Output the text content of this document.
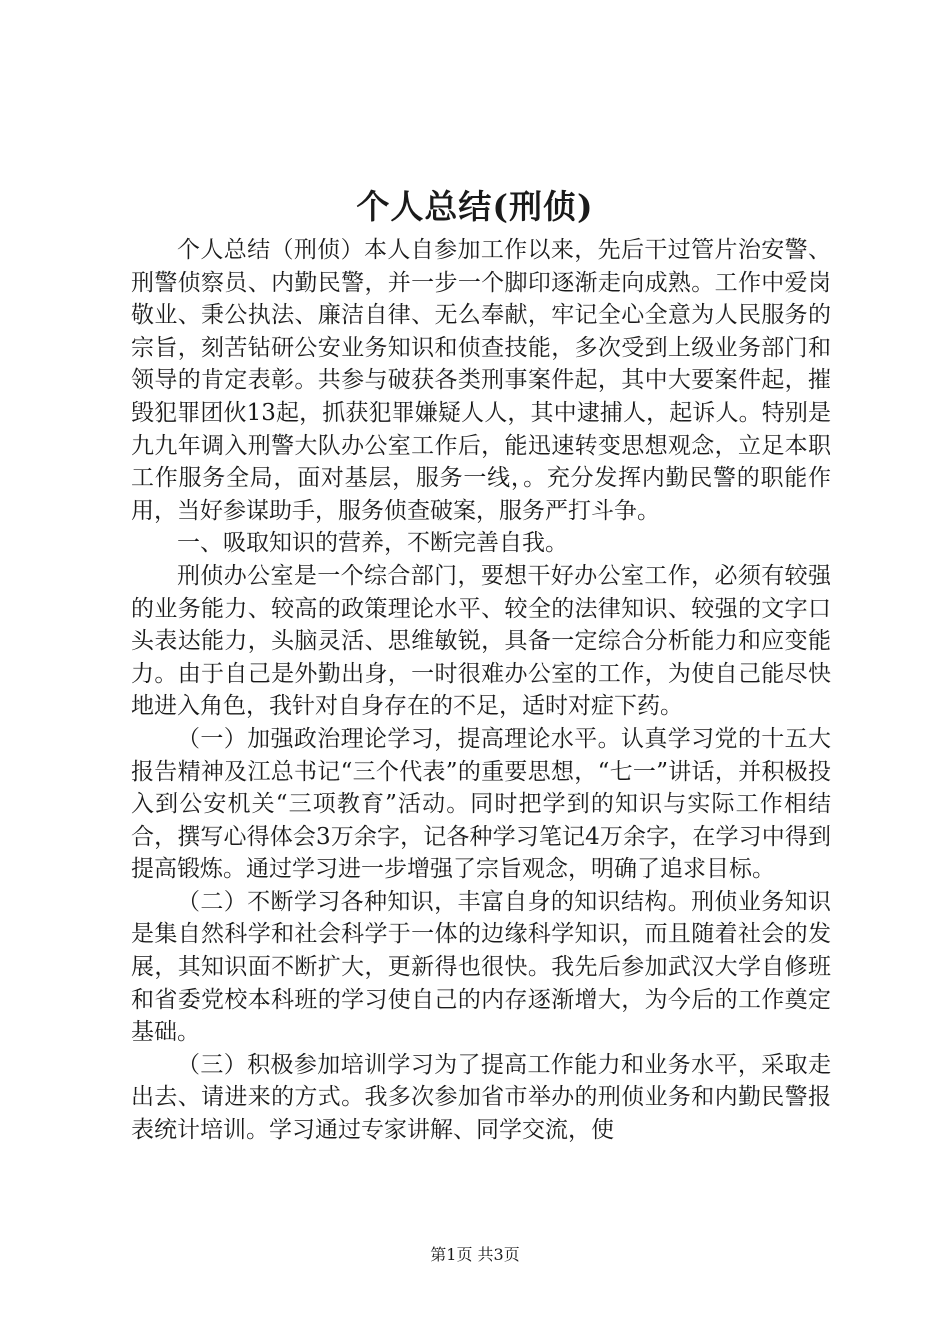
个人总结(刑侦)

个人总结（刑侦）本人自参加工作以来，先后干过管片治安警、刑警侦察员、内勤民警，并一步一个脚印逐渐走向成熟。工作中爱岗敬业、秉公执法、廉洁自律、无么奉献，牢记全心全意为人民服务的宗旨，刻苦钻研公安业务知识和侦查技能，多次受到上级业务部门和领导的肯定表彰。共参与破获各类刑事案件起，其中大要案件起，摧毁犯罪团伙13起，抓获犯罪嫌疑人人，其中逮捕人，起诉人。特别是九九年调入刑警大队办公室工作后，能迅速转变思想观念，立足本职工作服务全局，面对基层，服务一线，。充分发挥内勤民警的职能作用，当好参谋助手，服务侦查破案，服务严打斗争。

一、吸取知识的营养，不断完善自我。

刑侦办公室是一个综合部门，要想干好办公室工作，必须有较强的业务能力、较高的政策理论水平、较全的法律知识、较强的文字口头表达能力，头脑灵活、思维敏锐，具备一定综合分析能力和应变能力。由于自己是外勤出身，一时很难办公室的工作，为使自己能尽快地进入角色，我针对自身存在的不足，适时对症下药。

（一）加强政治理论学习，提高理论水平。认真学习党的十五大报告精神及江总书记“三个代表”的重要思想，“七一”讲话，并积极投入到公安机关“三项教育”活动。同时把学到的知识与实际工作相结合，撰写心得体会3万余字，记各种学习笔记4万余字，在学习中得到提高锻炼。通过学习进一步增强了宗旨观念，明确了追求目标。

（二）不断学习各种知识，丰富自身的知识结构。刑侦业务知识是集自然科学和社会科学于一体的边缘科学知识，而且随着社会的发展，其知识面不断扩大，更新得也很快。我先后参加武汉大学自修班和省委党校本科班的学习使自己的内存逐渐增大，为今后的工作奠定基础。

（三）积极参加培训学习为了提高工作能力和业务水平，采取走出去、请进来的方式。我多次参加省市举办的刑侦业务和内勤民警报表统计培训。学习通过专家讲解、同学交流，使

第1页 共3页
